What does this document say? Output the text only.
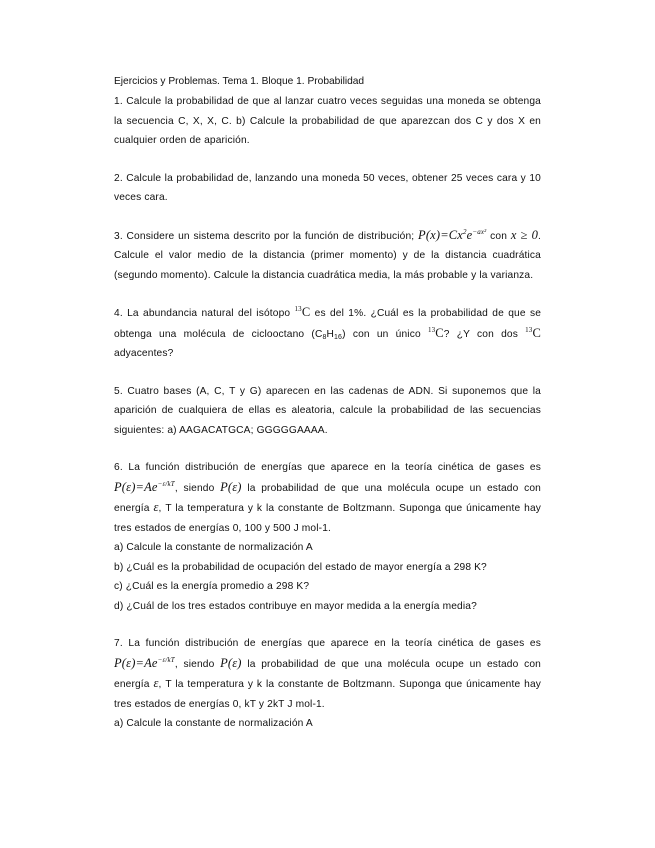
Ejercicios y Problemas. Tema 1. Bloque 1. Probabilidad
1. Calcule la probabilidad de que al lanzar cuatro veces seguidas una moneda se obtenga la secuencia C, X, X, C. b) Calcule la probabilidad de que aparezcan dos C y dos X en cualquier orden de aparición.
2. Calcule la probabilidad de, lanzando una moneda 50 veces, obtener 25 veces cara y 10 veces cara.
3. Considere un sistema descrito por la función de distribución; $P(x)=Cx^2e^{-ax^2}$ con x ≥ 0. Calcule el valor medio de la distancia (primer momento) y de la distancia cuadrática (segundo momento). Calcule la distancia cuadrática media, la más probable y la varianza.
4. La abundancia natural del isótopo $^{13}$C es del 1%. ¿Cuál es la probabilidad de que se obtenga una molécula de ciclooctano $(C_8H_{16})$ con un único $^{13}$C? ¿Y con dos $^{13}$C adyacentes?
5. Cuatro bases (A, C, T y G) aparecen en las cadenas de ADN. Si suponemos que la aparición de cualquiera de ellas es aleatoria, calcule la probabilidad de las secuencias siguientes: a) AAGACATGCA; GGGGGAAAA.
6. La función distribución de energías que aparece en la teoría cinética de gases es $P(\varepsilon)=Ae^{-\varepsilon/kT}$, siendo P(ε) la probabilidad de que una molécula ocupe un estado con energía ε, T la temperatura y k la constante de Boltzmann. Suponga que únicamente hay tres estados de energías 0, 100 y 500 J mol-1.
a) Calcule la constante de normalización A
b) ¿Cuál es la probabilidad de ocupación del estado de mayor energía a 298 K?
c) ¿Cuál es la energía promedio a 298 K?
d) ¿Cuál de los tres estados contribuye en mayor medida a la energía media?
7. La función distribución de energías que aparece en la teoría cinética de gases es $P(\varepsilon)=Ae^{-\varepsilon/kT}$, siendo P(ε) la probabilidad de que una molécula ocupe un estado con energía ε, T la temperatura y k la constante de Boltzmann. Suponga que únicamente hay tres estados de energías 0, kT y 2kT J mol-1.
a) Calcule la constante de normalización A
